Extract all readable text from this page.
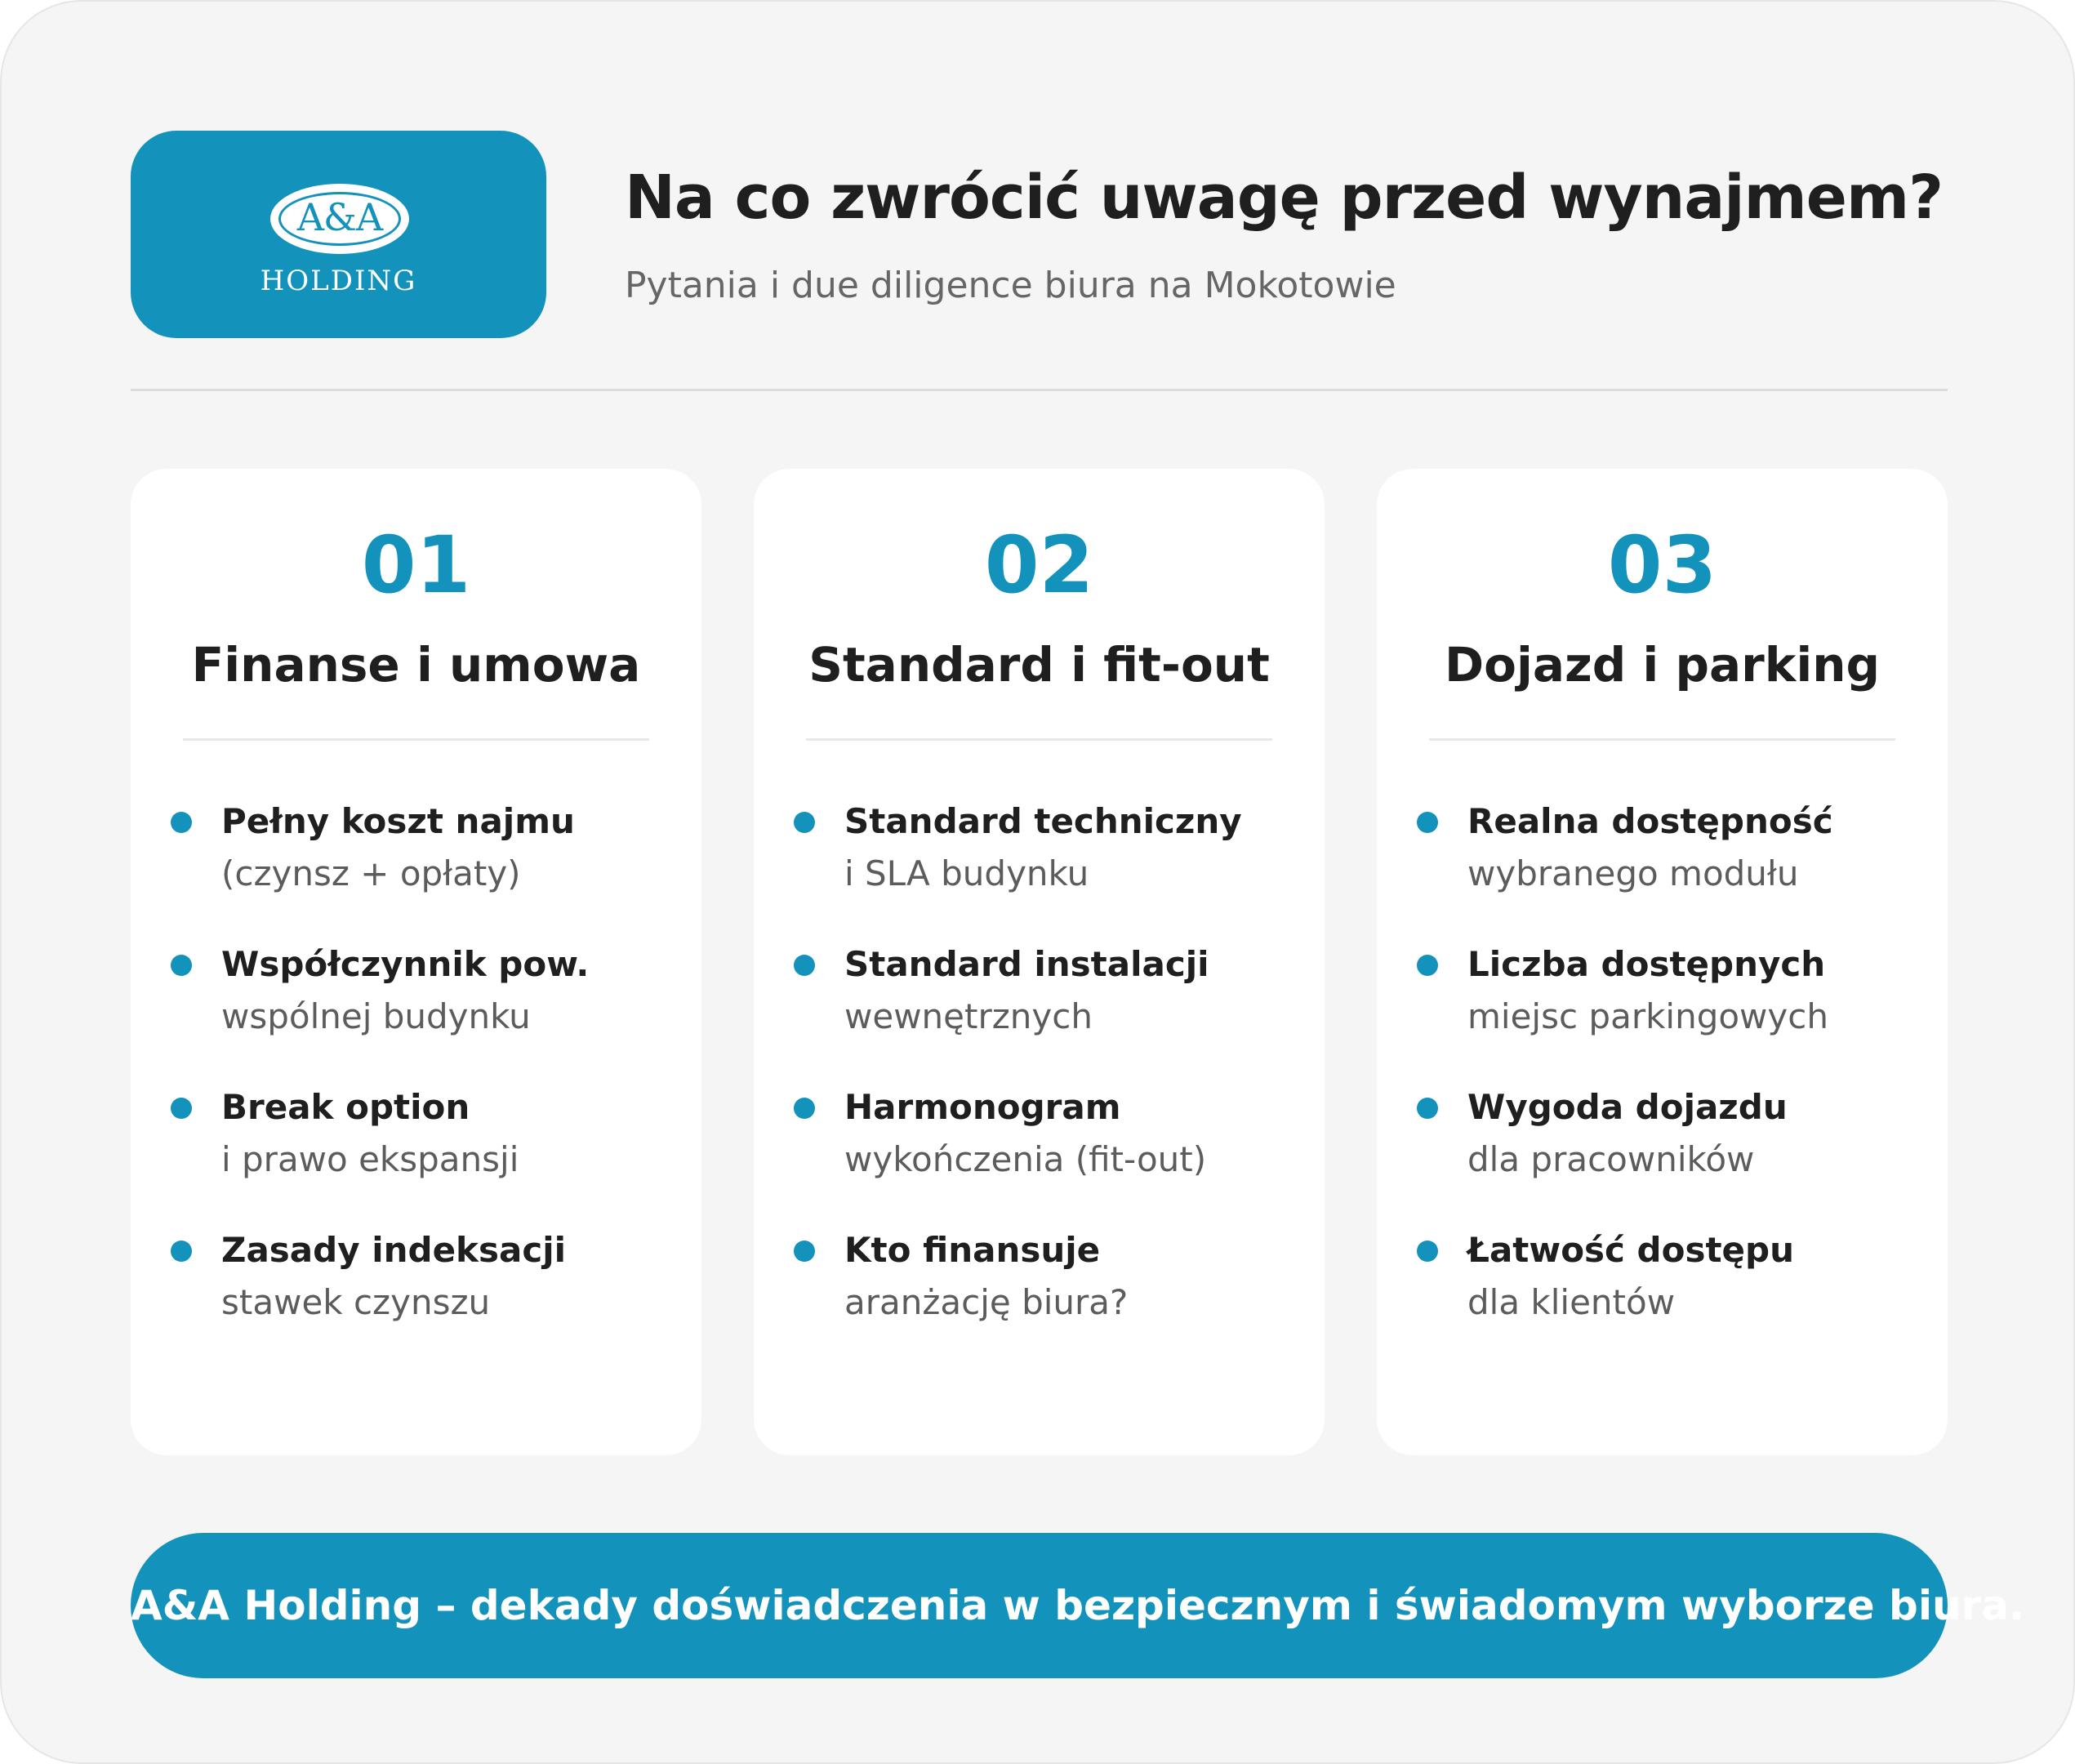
A&A
HOLDING
Na co zwrócić uwagę przed wynajmem?
Pytania i due diligence biura na Mokotowie
01
Finanse i umowa
Pełny koszt najmu
(czynsz + opłaty)
Współczynnik pow.
wspólnej budynku
Break option
i prawo ekspansji
Zasady indeksacji
stawek czynszu
02
Standard i fit-out
Standard techniczny
i SLA budynku
Standard instalacji
wewnętrznych
Harmonogram
wykończenia (fit-out)
Kto finansuje
aranżację biura?
03
Dojazd i parking
Realna dostępność
wybranego modułu
Liczba dostępnych
miejsc parkingowych
Wygoda dojazdu
dla pracowników
Łatwość dostępu
dla klientów
A&A Holding – dekady doświadczenia w bezpiecznym i świadomym wyborze biura.
